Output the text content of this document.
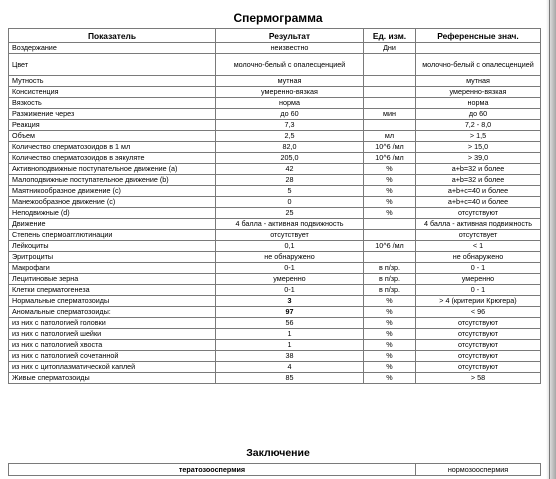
Спермограмма
Показатель	Результат	Ед. изм.	Референсные знач.
Воздержание	неизвестно	Дни	
Цвет	молочно-белый с опалесценцией		молочно-белый с опалесценцией
Мутность	мутная		мутная
Консистенция	умеренно-вязкая		умеренно-вязкая
Вязкость	норма		норма
Разжижение через	до 60	мин	до 60
Реакция	7,3		7,2 - 8,0
Объем	2,5	мл	> 1,5
Количество сперматозоидов в 1 мл	82,0	10^6 /мл	> 15,0
Количество сперматозоидов в эякуляте	205,0	10^6 /мл	> 39,0
Активноподвижные поступательное движение (a)	42	%	a+b=32 и более
Малоподвижные поступательное движение (b)	28	%	a+b=32 и более
Маятникообразное движение (с)	5	%	a+b+c=40 и более
Манежообразное движение (с)	0	%	a+b+c=40 и более
Неподвижные (d)	25	%	отсутствуют
Движение	4 балла - активная подвижность		4 балла - активная подвижность
Степень спермоагглютинации	отсутствует		отсутствует
Лейкоциты	0,1	10^6 /мл	< 1
Эритроциты	не обнаружено		не обнаружено
Макрофаги	0-1	в п/зр.	0 - 1
Лецитиновые зерна	умеренно	в п/зр.	умеренно
Клетки сперматогенеза	0-1	в п/зр.	0 - 1
Нормальные сперматозоиды	3	%	> 4 (критерии Крюгера)
Аномальные сперматозоиды:	97	%	< 96
из них с патологией головки	56	%	отсутствуют
из них с патологией шейки	1	%	отсутствуют
из них с патологией хвоста	1	%	отсутствуют
из них с патологией сочетанной	38	%	отсутствуют
из них с цитоплазматической каплей	4	%	отсутствуют
Живые сперматозоиды	85	%	> 58
Заключение
тератозооспермия	нормозооспермия
